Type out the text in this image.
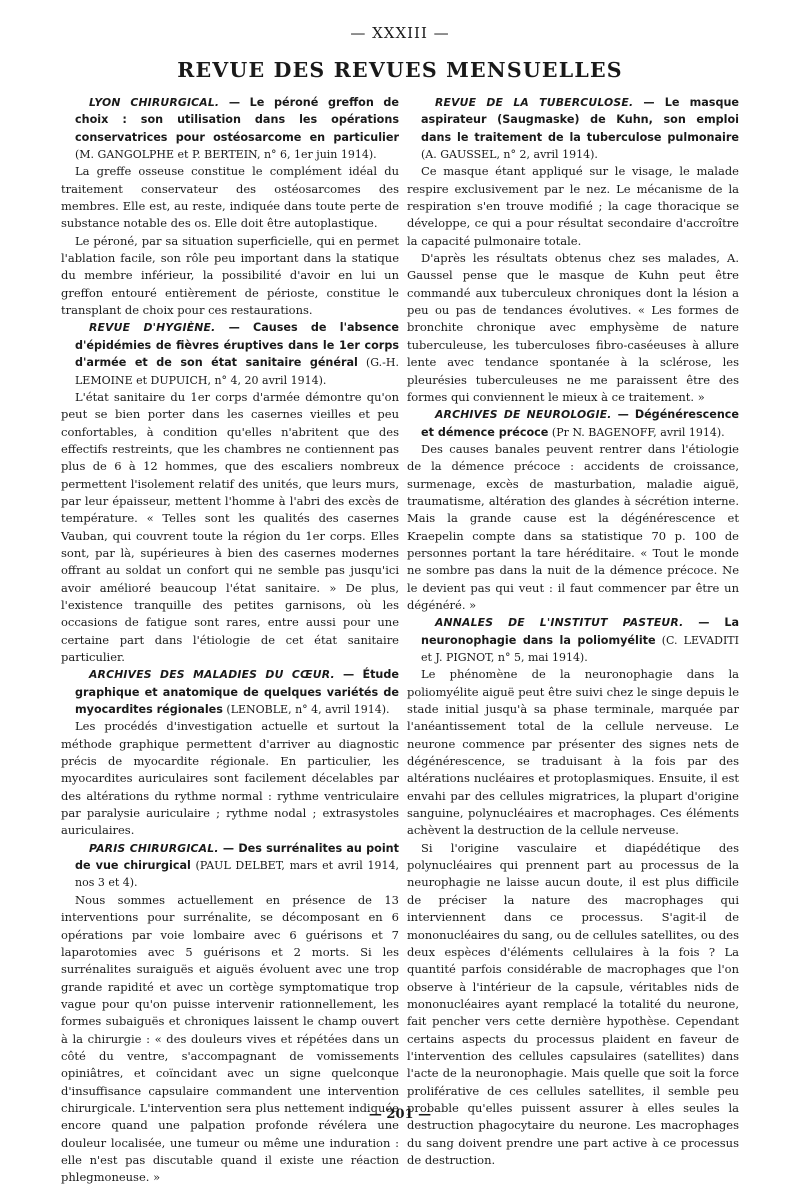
— XXXIII —
REVUE DES REVUES MENSUELLES

LYON CHIRURGICAL. — Le péroné greffon de choix : son utilisation dans les opérations conservatrices pour ostéosarcome en particulier (M. GANGOLPHE et P. BERTEIN, n° 6, 1er juin 1914).

La greffe osseuse constitue le complément idéal du traitement conservateur des ostéosarcomes des membres. Elle est, au reste, indiquée dans toute perte de substance notable des os. Elle doit être autoplastique.

Le péroné, par sa situation superficielle, qui en permet l'ablation facile, son rôle peu important dans la statique du membre inférieur, la possibilité d'avoir en lui un greffon entouré entièrement de périoste, constitue le transplant de choix pour ces restaurations.

REVUE D'HYGIÈNE. — Causes de l'absence d'épidémies de fièvres éruptives dans le 1er corps d'armée et de son état sanitaire général (G.-H. LEMOINE et DUPUICH, n° 4, 20 avril 1914).

L'état sanitaire du 1er corps d'armée démontre qu'on peut se bien porter dans les casernes vieilles et peu confortables, à condition qu'elles n'abritent que des effectifs restreints, que les chambres ne contiennent pas plus de 6 à 12 hommes, que des escaliers nombreux permettent l'isolement relatif des unités, que leurs murs, par leur épaisseur, mettent l'homme à l'abri des excès de température. « Telles sont les qualités des casernes Vauban, qui couvrent toute la région du 1er corps. Elles sont, par là, supérieures à bien des casernes modernes offrant au soldat un confort qui ne semble pas jusqu'ici avoir amélioré beaucoup l'état sanitaire. » De plus, l'existence tranquille des petites garnisons, où les occasions de fatigue sont rares, entre aussi pour une certaine part dans l'étiologie de cet état sanitaire particulier.

ARCHIVES DES MALADIES DU CŒUR. — Étude graphique et anatomique de quelques variétés de myocardites régionales (LENOBLE, n° 4, avril 1914).

Les procédés d'investigation actuelle et surtout la méthode graphique permettent d'arriver au diagnostic précis de myocardite régionale. En particulier, les myocardites auriculaires sont facilement décelables par des altérations du rythme normal : rythme ventriculaire par paralysie auriculaire ; rythme nodal ; extrasystoles auriculaires.

PARIS CHIRURGICAL. — Des surrénalites au point de vue chirurgical (PAUL DELBET, mars et avril 1914, nos 3 et 4).

Nous sommes actuellement en présence de 13 interventions pour surrénalite, se décomposant en 6 opérations par voie lombaire avec 6 guérisons et 7 laparotomies avec 5 guérisons et 2 morts. Si les surrénalites suraiguës et aiguës évoluent avec une trop grande rapidité et avec un cortège symptomatique trop vague pour qu'on puisse intervenir rationnellement, les formes subaiguës et chroniques laissent le champ ouvert à la chirurgie : « des douleurs vives et répétées dans un côté du ventre, s'accompagnant de vomissements opiniâtres, et coïncidant avec un signe quelconque d'insuffisance capsulaire commandent une intervention chirurgicale. L'intervention sera plus nettement indiquée encore quand une palpation profonde révélera une douleur localisée, une tumeur ou même une induration : elle n'est pas discutable quand il existe une réaction phlegmoneuse. »

REVUE DE LA TUBERCULOSE. — Le masque aspirateur (Saugmaske) de Kuhn, son emploi dans le traitement de la tuberculose pulmonaire (A. GAUSSEL, n° 2, avril 1914).

Ce masque étant appliqué sur le visage, le malade respire exclusivement par le nez. Le mécanisme de la respiration s'en trouve modifié ; la cage thoracique se développe, ce qui a pour résultat secondaire d'accroître la capacité pulmonaire totale.

D'après les résultats obtenus chez ses malades, A. Gaussel pense que le masque de Kuhn peut être commandé aux tuberculeux chroniques dont la lésion a peu ou pas de tendances évolutives. « Les formes de bronchite chronique avec emphysème de nature tuberculeuse, les tuberculoses fibro-caséeuses à allure lente avec tendance spontanée à la sclérose, les pleurésies tuberculeuses ne me paraissent être des formes qui conviennent le mieux à ce traitement. »

ARCHIVES DE NEUROLOGIE. — Dégénérescence et démence précoce (Pr N. BAGENOFF, avril 1914).

Des causes banales peuvent rentrer dans l'étiologie de la démence précoce : accidents de croissance, surmenage, excès de masturbation, maladie aiguë, traumatisme, altération des glandes à sécrétion interne. Mais la grande cause est la dégénérescence et Kraepelin compte dans sa statistique 70 p. 100 de personnes portant la tare héréditaire. « Tout le monde ne sombre pas dans la nuit de la démence précoce. Ne le devient pas qui veut : il faut commencer par être un dégénéré. »

ANNALES DE L'INSTITUT PASTEUR. — La neuronophagie dans la poliomyélite (C. LEVADITI et J. PIGNOT, n° 5, mai 1914).

Le phénomène de la neuronophagie dans la poliomyélite aiguë peut être suivi chez le singe depuis le stade initial jusqu'à sa phase terminale, marquée par l'anéantissement total de la cellule nerveuse. Le neurone commence par présenter des signes nets de dégénérescence, se traduisant à la fois par des altérations nucléaires et protoplasmiques. Ensuite, il est envahi par des cellules migratrices, la plupart d'origine sanguine, polynucléaires et macrophages. Ces éléments achèvent la destruction de la cellule nerveuse.

Si l'origine vasculaire et diapédétique des polynucléaires qui prennent part au processus de la neurophagie ne laisse aucun doute, il est plus difficile de préciser la nature des macrophages qui interviennent dans ce processus. S'agit-il de mononucléaires du sang, ou de cellules satellites, ou des deux espèces d'éléments cellulaires à la fois ? La quantité parfois considérable de macrophages que l'on observe à l'intérieur de la capsule, véritables nids de mononucléaires ayant remplacé la totalité du neurone, fait pencher vers cette dernière hypothèse. Cependant certains aspects du processus plaident en faveur de l'intervention des cellules capsulaires (satellites) dans l'acte de la neuronophagie. Mais quelle que soit la force proliférative de ces cellules satellites, il semble peu probable qu'elles puissent assurer à elles seules la destruction phagocytaire du neurone. Les macrophages du sang doivent prendre une part active à ce processus de destruction.

— 201 —
